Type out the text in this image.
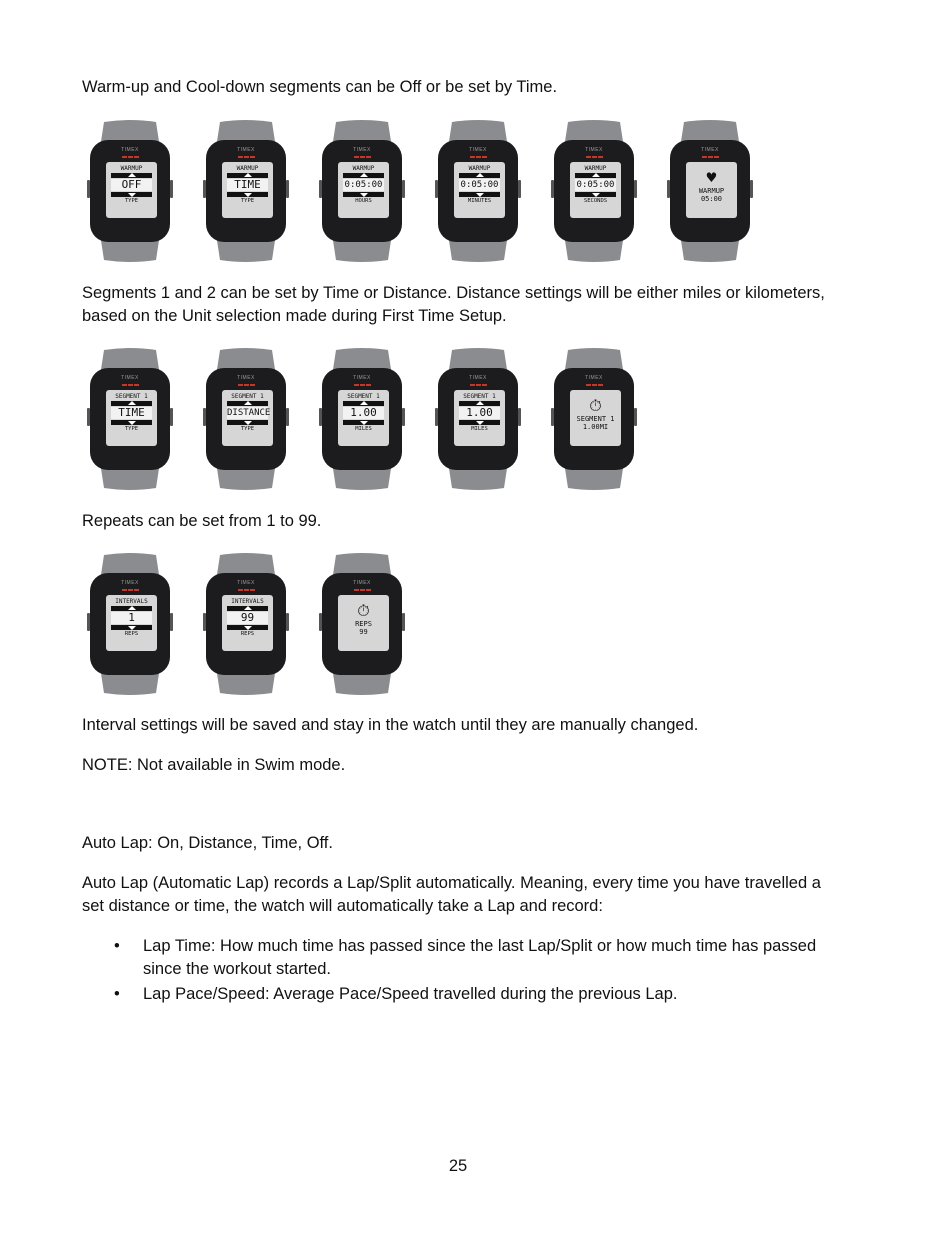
Warm-up and Cool-down segments can be Off or be set by Time.

TIMEX
WARMUP
OFF
TYPE
TIMEX
WARMUP
TIME
TYPE
TIMEX
WARMUP
0:05:00
HOURS
TIMEX
WARMUP
0:05:00
MINUTES
TIMEX
WARMUP
0:05:00
SECONDS
TIMEX
♥
WARMUP
05:00

Segments 1 and 2 can be set by Time or Distance. Distance settings will be either miles or kilometers, based on the Unit selection made during First Time Setup.

TIMEX
SEGMENT 1
TIME
TYPE
TIMEX
SEGMENT 1
DISTANCE
TYPE
TIMEX
SEGMENT 1
1.00
MILES
TIMEX
SEGMENT 1
1.00
MILES
TIMEX
⏱
SEGMENT 1
1.00MI

Repeats can be set from 1 to 99.

TIMEX
INTERVALS
1
REPS
TIMEX
INTERVALS
99
REPS
TIMEX
⏱
REPS
99

Interval settings will be saved and stay in the watch until they are manually changed.

NOTE: Not available in Swim mode.

Auto Lap: On, Distance, Time, Off.

Auto Lap (Automatic Lap) records a Lap/Split automatically. Meaning, every time you have travelled a set distance or time, the watch will automatically take a Lap and record:

• Lap Time: How much time has passed since the last Lap/Split or how much time has passed since the workout started.
• Lap Pace/Speed: Average Pace/Speed travelled during the previous Lap.
25
